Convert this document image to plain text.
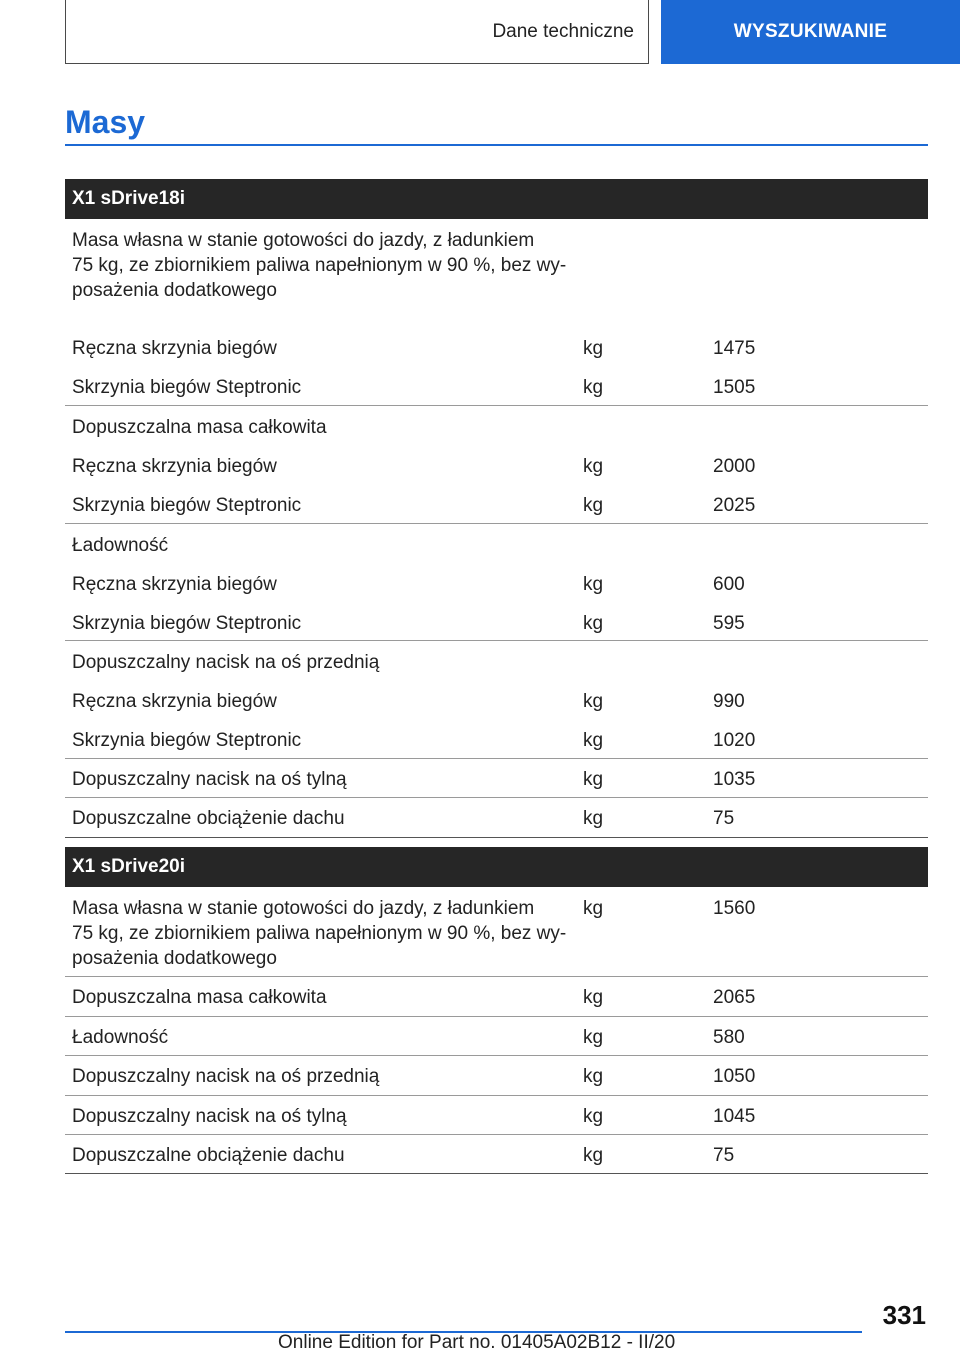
Dane techniczne	WYSZUKIWANIE
Masy
X1 sDrive18i
Masa własna w stanie gotowości do jazdy, z ładunkiem
75 kg, ze zbiornikiem paliwa napełnionym w 90 %, bez wy-
posażenia dodatkowego
Ręczna skrzynia biegów	kg	1475
Skrzynia biegów Steptronic	kg	1505
Dopuszczalna masa całkowita
Ręczna skrzynia biegów	kg	2000
Skrzynia biegów Steptronic	kg	2025
Ładowność
Ręczna skrzynia biegów	kg	600
Skrzynia biegów Steptronic	kg	595
Dopuszczalny nacisk na oś przednią
Ręczna skrzynia biegów	kg	990
Skrzynia biegów Steptronic	kg	1020
Dopuszczalny nacisk na oś tylną	kg	1035
Dopuszczalne obciążenie dachu	kg	75
X1 sDrive20i
Masa własna w stanie gotowości do jazdy, z ładunkiem
75 kg, ze zbiornikiem paliwa napełnionym w 90 %, bez wy-
posażenia dodatkowego
kg	1560
Dopuszczalna masa całkowita	kg	2065
Ładowność	kg	580
Dopuszczalny nacisk na oś przednią	kg	1050
Dopuszczalny nacisk na oś tylną	kg	1045
Dopuszczalne obciążenie dachu	kg	75
331
Online Edition for Part no. 01405A02B12 - II/20
